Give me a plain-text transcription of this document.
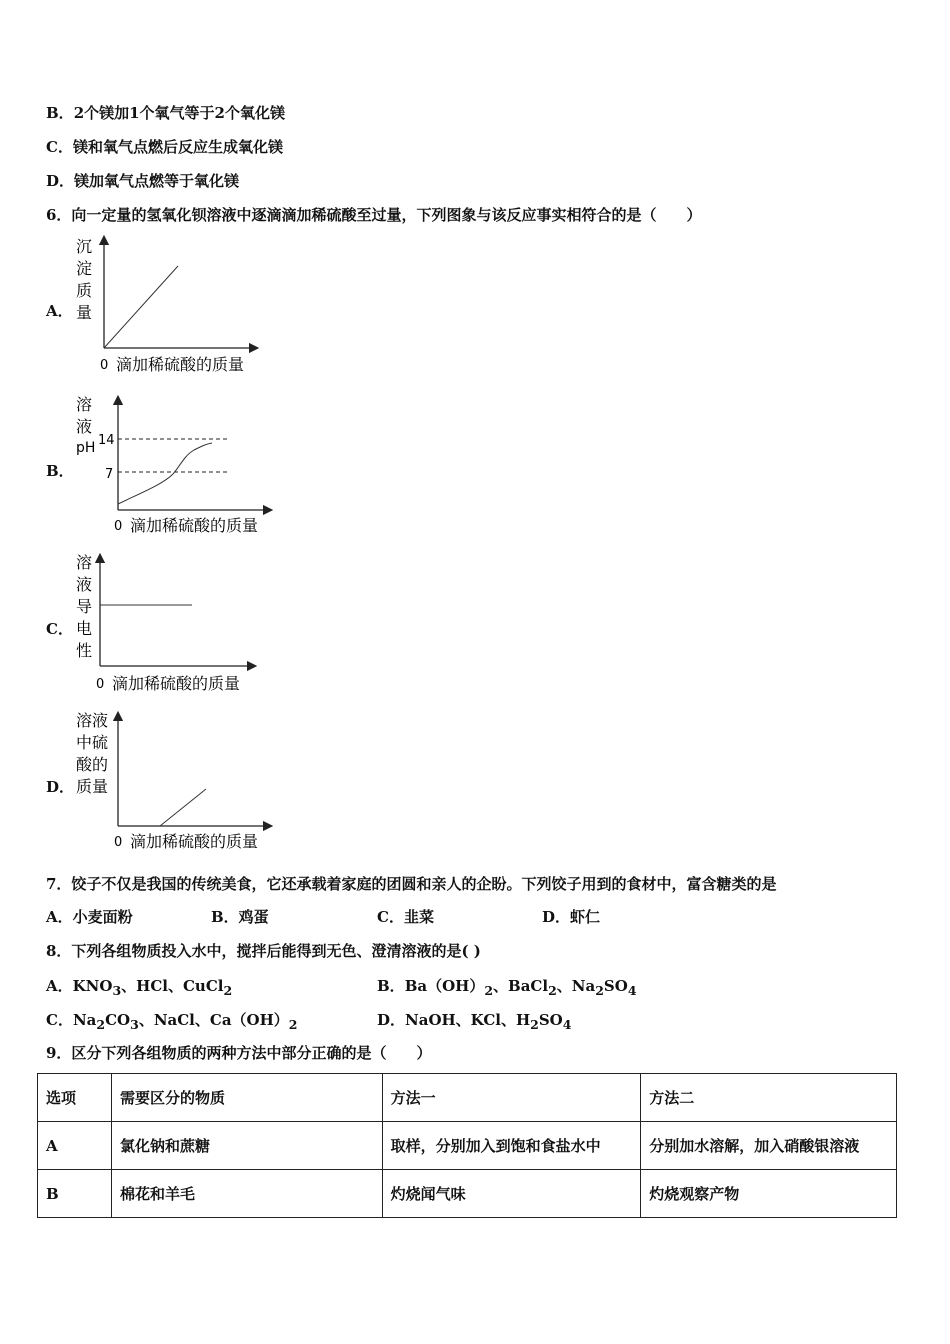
B．2个镁加1个氧气等于2个氧化镁
C．镁和氧气点燃后反应生成氧化镁
D．镁加氧气点燃等于氧化镁
6．向一定量的氢氧化钡溶液中逐滴滴加稀硫酸至过量，下列图象与该反应事实相符合的是（　　）
A．
沉
淀
质
量
0 滴加稀硫酸的质量
B．
溶
液
pH 14
7
0 滴加稀硫酸的质量
C．
溶
液
导
电
性
0 滴加稀硫酸的质量
D．
溶液
中硫
酸的
质量
0 滴加稀硫酸的质量
7．饺子不仅是我国的传统美食，它还承载着家庭的团圆和亲人的企盼。下列饺子用到的食材中，富含糖类的是
A．小麦面粉	B．鸡蛋	C．韭菜	D．虾仁
8．下列各组物质投入水中，搅拌后能得到无色、澄清溶液的是( )
A．$KNO_3$、HCl、CuCl$_2$	B．$Ba(OH)_2$、BaCl$_2$、$Na_2SO_4$
C．$Na_2CO_3$、NaCl、$Ca(OH)_2$	D．NaOH、KCl、$H_2SO_4$
9．区分下列各组物质的两种方法中部分正确的是（　　）
选项	需要区分的物质	方法一	方法二
A	氯化钠和蔗糖	取样，分别加入到饱和食盐水中	分别加水溶解，加入硝酸银溶液
B	棉花和羊毛	灼烧闻气味	灼烧观察产物
